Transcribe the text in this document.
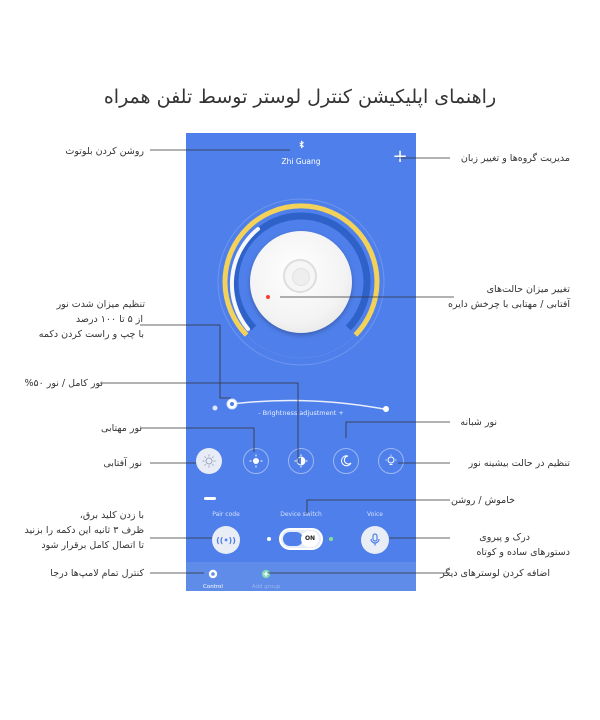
راهنمای اپلیکیشن کنترل لوستر توسط تلفن همراه
Zhi Guang	+
- Brightness adjustment +
Pair code	Device switch	Voice
((•))	ON
Control	Add group
روشن کردن بلوتوث
تنظیم میزان شدت نور
از ۵ تا ۱۰۰ درصد
با چپ و راست کردن دکمه
نور کامل / نور ۵۰%
نور مهتابی
نور آفتابی
با زدن کلید برق،
ظرف ۳ ثانیه این دکمه را بزنید
تا اتصال کامل برقرار شود
کنترل تمام لامپ‌ها درجا
مدیریت گروه‌ها و تغییر زبان
تغییر میزان حالت‌های
آفتابی / مهتابی با چرخش دایره
نور شبانه
تنظیم در حالت بیشینه نور
خاموش / روشن
درک و پیروی
دستورهای ساده و کوتاه
اضافه کردن لوسترهای دیگر
